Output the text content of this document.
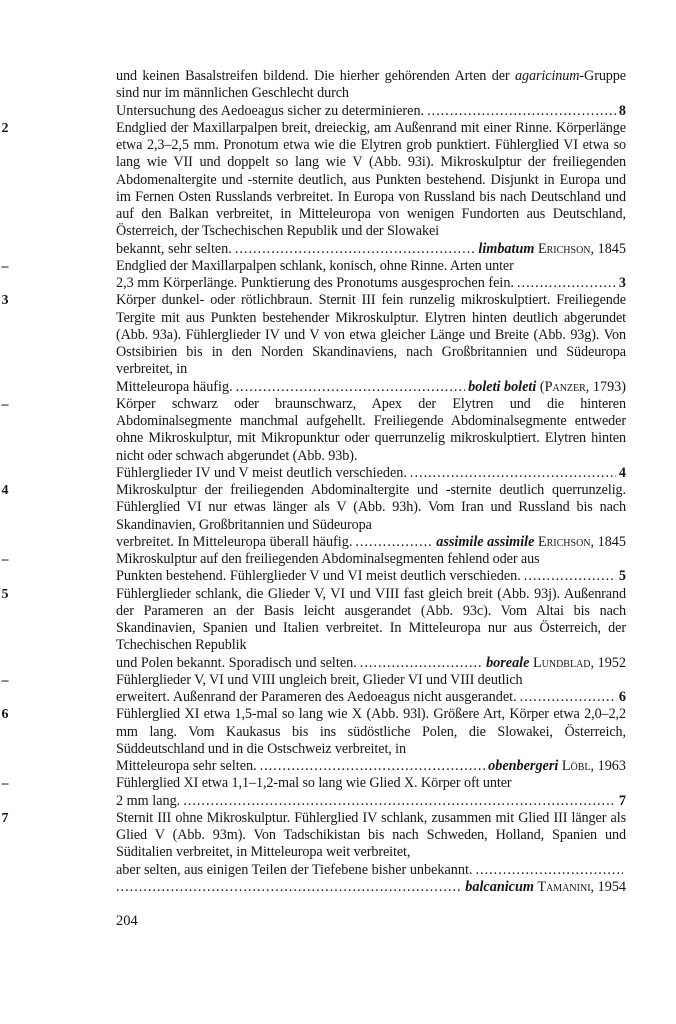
und keinen Basalstreifen bildend. Die hierher gehörenden Arten der agaricinum-Gruppe sind nur im männlichen Geschlecht durch
Untersuchung des Aedoeagus sicher zu determinieren. .....	8
2	Endglied der Maxillarpalpen breit, dreieckig, am Außenrand mit einer Rinne. Körperlänge etwa 2,3–2,5 mm. Pronotum etwa wie die Elytren grob punktiert. Fühlerglied VI etwa so lang wie VII und doppelt so lang wie V (Abb. 93i). Mikroskulptur der freiliegenden Abdomenaltergite und -sternite deutlich, aus Punkten bestehend. Disjunkt in Europa und im Fernen Osten Russlands verbreitet. In Europa von Russland bis nach Deutschland und auf den Balkan verbreitet, in Mitteleuropa von wenigen Fundorten aus Deutschland, Österreich, der Tschechischen Republik und der Slowakei
bekannt, sehr selten. .....	limbatum
Erichson, 1845
–	Endglied der Maxillarpalpen schlank, konisch, ohne Rinne. Arten unter
2,3 mm Körperlänge. Punktierung des Pronotums ausgesprochen fein. .....	3
3	Körper dunkel- oder rötlichbraun. Sternit III fein runzelig mikroskulptiert. Freiliegende Tergite mit aus Punkten bestehender Mikroskulptur. Elytren hinten deutlich abgerundet (Abb. 93a). Fühlerglieder IV und V von etwa gleicher Länge und Breite (Abb. 93g). Von Ostsibirien bis in den Norden Skandinaviens, nach Großbritannien und Südeuropa verbreitet, in
Mitteleuropa häufig. .....	boleti boleti
(Panzer, 1793)
–	Körper schwarz oder braunschwarz, Apex der Elytren und die hinteren Abdominalsegmente manchmal aufgehellt. Freiliegende Abdominalsegmente entweder ohne Mikroskulptur, mit Mikropunktur oder querrunzelig mikroskulptiert. Elytren hinten nicht oder schwach abgerundet (Abb. 93b).
Fühlerglieder IV und V meist deutlich verschieden. .....	4
4	Mikroskulptur der freiliegenden Abdominaltergite und -sternite deutlich querrunzelig. Fühlerglied VI nur etwas länger als V (Abb. 93h). Vom Iran und Russland bis nach Skandinavien, Großbritannien und Südeuropa
verbreitet. In Mitteleuropa überall häufig. .....	assimile assimile
Erichson, 1845
–	Mikroskulptur auf den freiliegenden Abdominalsegmenten fehlend oder aus
Punkten bestehend. Fühlerglieder V und VI meist deutlich verschieden. .....	5
5	Fühlerglieder schlank, die Glieder V, VI und VIII fast gleich breit (Abb. 93j). Außenrand der Parameren an der Basis leicht ausgerandet (Abb. 93c). Vom Altai bis nach Skandinavien, Spanien und Italien verbreitet. In Mitteleuropa nur aus Österreich, der Tchechischen Republik
und Polen bekannt. Sporadisch und selten. .....	boreale
Lundblad, 1952
–	Fühlerglieder V, VI und VIII ungleich breit, Glieder VI und VIII deutlich
erweitert. Außenrand der Parameren des Aedoeagus nicht ausgerandet. .....	6
6	Fühlerglied XI etwa 1,5-mal so lang wie X (Abb. 93l). Größere Art, Körper etwa 2,0–2,2 mm lang. Vom Kaukasus bis ins südöstliche Polen, die Slowakei, Österreich, Süddeutschland und in die Ostschweiz verbreitet, in
Mitteleuropa sehr selten. .....	obenbergeri
Löbl, 1963
–	Fühlerglied XI etwa 1,1–1,2-mal so lang wie Glied X. Körper oft unter
2 mm lang. .....	7
7	Sternit III ohne Mikroskulptur. Fühlerglied IV schlank, zusammen mit Glied III länger als Glied V (Abb. 93m). Von Tadschikistan bis nach Schweden, Holland, Spanien und Süditalien verbreitet, in Mitteleuropa weit verbreitet,
aber selten, aus einigen Teilen der Tiefebene bisher unbekannt.
.....
.....
balcanicum
Tamanini, 1954
204
